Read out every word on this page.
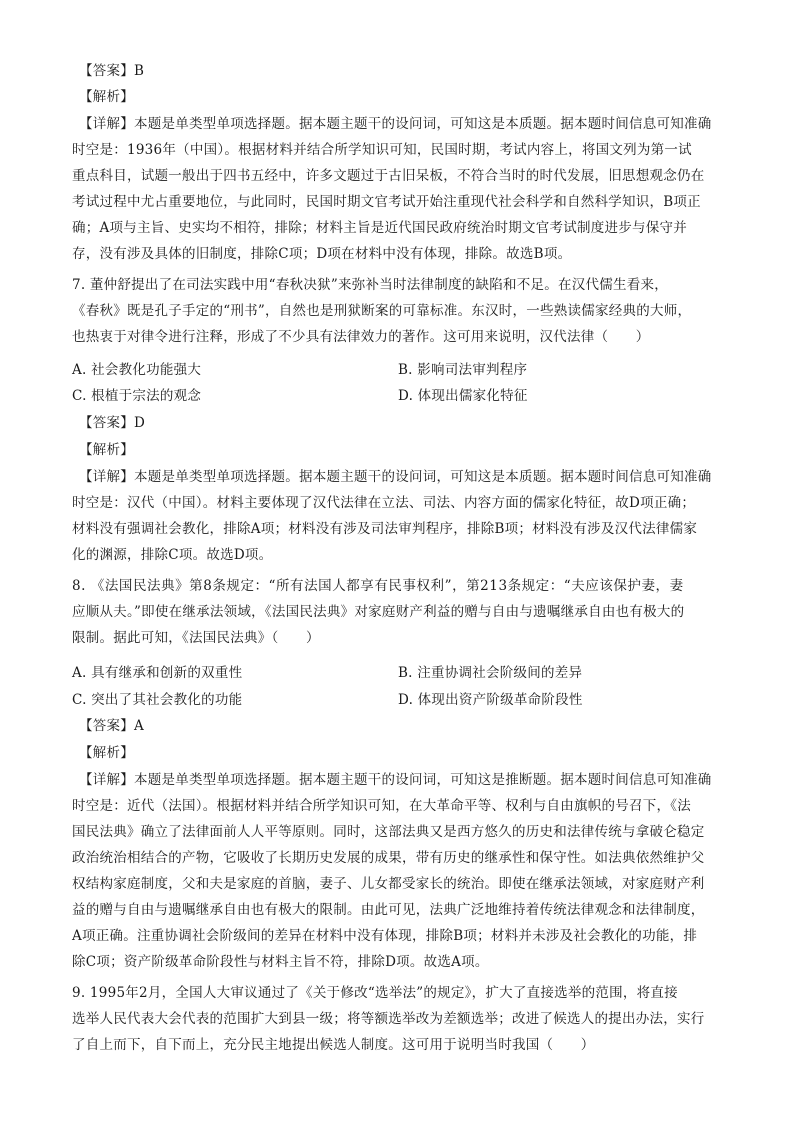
【答案】B
【解析】
【详解】本题是单类型单项选择题。据本题主题干的设问词，可知这是本质题。据本题时间信息可知准确
时空是：1936年（中国）。根据材料并结合所学知识可知，民国时期，考试内容上，将国文列为第一试
重点科目，试题一般出于四书五经中，许多文题过于古旧呆板，不符合当时的时代发展，旧思想观念仍在
考试过程中尤占重要地位，与此同时，民国时期文官考试开始注重现代社会科学和自然科学知识，B项正
确；A项与主旨、史实均不相符，排除；材料主旨是近代国民政府统治时期文官考试制度进步与保守并
存，没有涉及具体的旧制度，排除C项；D项在材料中没有体现，排除。故选B项。
7. 董仲舒提出了在司法实践中用“春秋决狱”来弥补当时法律制度的缺陷和不足。在汉代儒生看来，
《春秋》既是孔子手定的“刑书”，自然也是刑狱断案的可靠标准。东汉时，一些熟读儒家经典的大师，
也热衷于对律令进行注释，形成了不少具有法律效力的著作。这可用来说明，汉代法律（　　）
A. 社会教化功能强大	B. 影响司法审判程序
C. 根植于宗法的观念	D. 体现出儒家化特征
【答案】D
【解析】
【详解】本题是单类型单项选择题。据本题主题干的设问词，可知这是本质题。据本题时间信息可知准确
时空是：汉代（中国）。材料主要体现了汉代法律在立法、司法、内容方面的儒家化特征，故D项正确；
材料没有强调社会教化，排除A项；材料没有涉及司法审判程序，排除B项；材料没有涉及汉代法律儒家
化的渊源，排除C项。故选D项。
8. 《法国民法典》第8条规定：“所有法国人都享有民事权利”，第213条规定：“夫应该保护妻，妻
应顺从夫。”即使在继承法领域，《法国民法典》对家庭财产利益的赠与自由与遗嘱继承自由也有极大的
限制。据此可知，《法国民法典》（　　）
A. 具有继承和创新的双重性	B. 注重协调社会阶级间的差异
C. 突出了其社会教化的功能	D. 体现出资产阶级革命阶段性
【答案】A
【解析】
【详解】本题是单类型单项选择题。据本题主题干的设问词，可知这是推断题。据本题时间信息可知准确
时空是：近代（法国）。根据材料并结合所学知识可知，在大革命平等、权利与自由旗帜的号召下，《法
国民法典》确立了法律面前人人平等原则。同时，这部法典又是西方悠久的历史和法律传统与拿破仑稳定
政治统治相结合的产物，它吸收了长期历史发展的成果，带有历史的继承性和保守性。如法典依然维护父
权结构家庭制度，父和夫是家庭的首脑，妻子、儿女都受家长的统治。即使在继承法领域，对家庭财产利
益的赠与自由与遗嘱继承自由也有极大的限制。由此可见，法典广泛地维持着传统法律观念和法律制度，
A项正确。注重协调社会阶级间的差异在材料中没有体现，排除B项；材料并未涉及社会教化的功能，排
除C项；资产阶级革命阶段性与材料主旨不符，排除D项。故选A项。
9. 1995年2月，全国人大审议通过了《关于修改“选举法”的规定》，扩大了直接选举的范围，将直接
选举人民代表大会代表的范围扩大到县一级；将等额选举改为差额选举；改进了候选人的提出办法，实行
了自上而下，自下而上，充分民主地提出候选人制度。这可用于说明当时我国（　　）
